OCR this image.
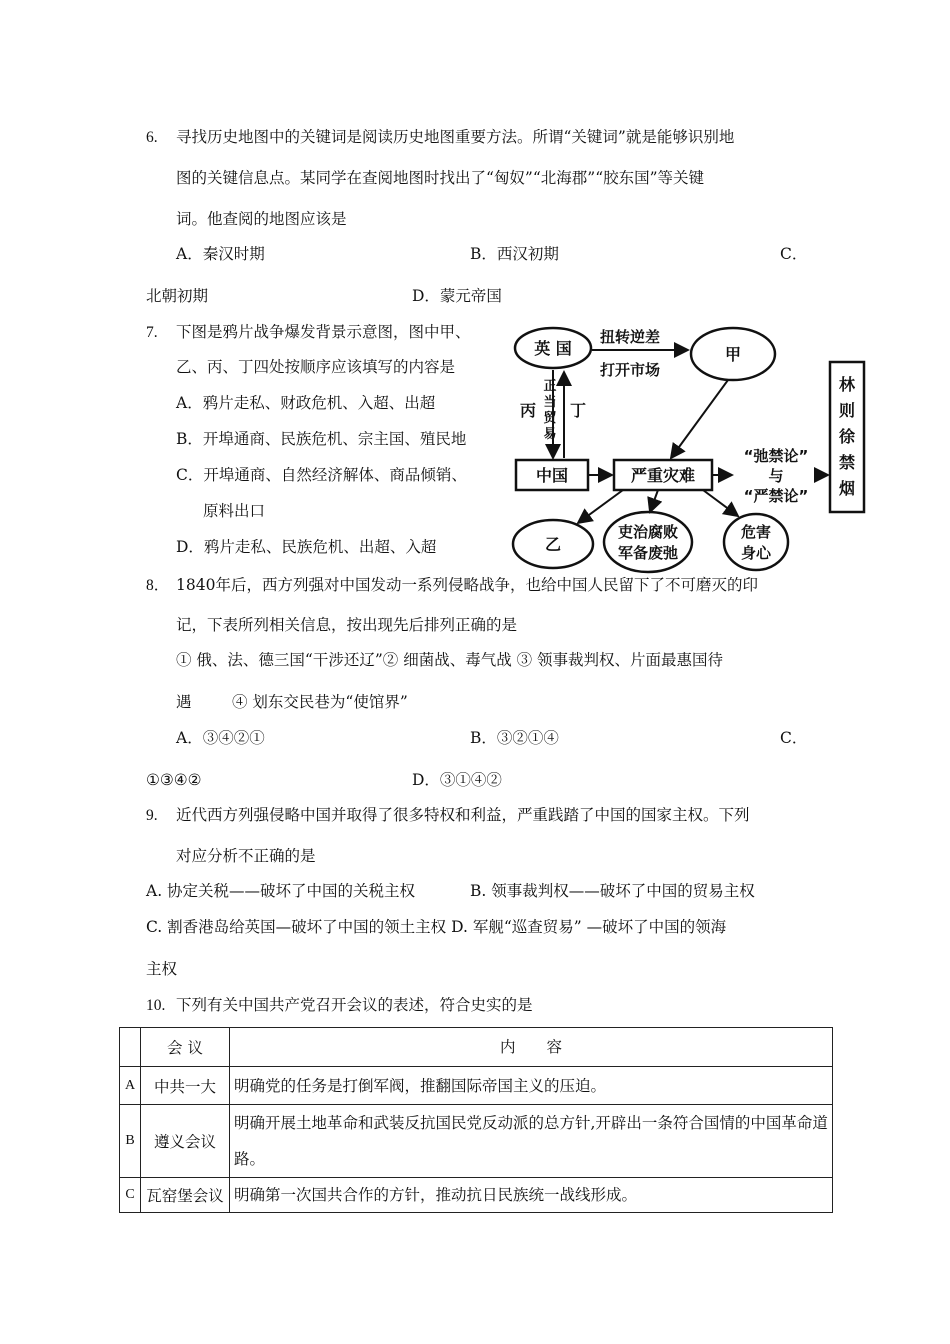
6. 寻找历史地图中的关键词是阅读历史地图重要方法。所谓“关键词”就是能够识别地
图的关键信息点。某同学在查阅地图时找出了“匈奴”“北海郡”“胶东国”等关键
词。他查阅的地图应该是
A．秦汉时期	B．西汉初期	C．
北朝初期	D．蒙元帝国
7. 下图是鸦片战争爆发背景示意图，图中甲、
乙、丙、丁四处按顺序应该填写的内容是
A．鸦片走私、财政危机、入超、出超
B．开埠通商、民族危机、宗主国、殖民地
C．开埠通商、自然经济解体、商品倾销、
原料出口
D．鸦片走私、民族危机、出超、入超
英 国
扭转逆差
打开市场
甲
丙 丁
正
当
贸
易
中国	严重灾难
“弛禁论”
与
“严禁论”
林
则
徐
禁
烟
乙
吏治腐败
军备废弛
危害
身心
8． 1840年后，西方列强对中国发动一系列侵略战争，也给中国人民留下了不可磨灭的印
记，下表所列相关信息，按出现先后排列正确的是
① 俄、法、德三国“干涉还辽”② 细菌战、毒气战 ③ 领事裁判权、片面最惠国待
遇	④ 划东交民巷为“使馆界”
A．③④②①	B．③②①④	C．
①③④②	D．③①④②
9. 近代西方列强侵略中国并取得了很多特权和利益，严重践踏了中国的国家主权。下列
对应分析不正确的是
A. 协定关税——破坏了中国的关税主权	B. 领事裁判权——破坏了中国的贸易主权
C. 割香港岛给英国—破坏了中国的领土主权 D. 军舰“巡查贸易” —破坏了中国的领海
主权
10. 下列有关中国共产党召开会议的表述，符合史实的是
	会 议	内　　容
A	中共一大	明确党的任务是打倒军阀，推翻国际帝国主义的压迫。
B	遵义会议	明确开展土地革命和武装反抗国民党反动派的总方针,开辟出一条符合国情的中国革命道路。
C	瓦窑堡会议	明确第一次国共合作的方针，推动抗日民族统一战线形成。
